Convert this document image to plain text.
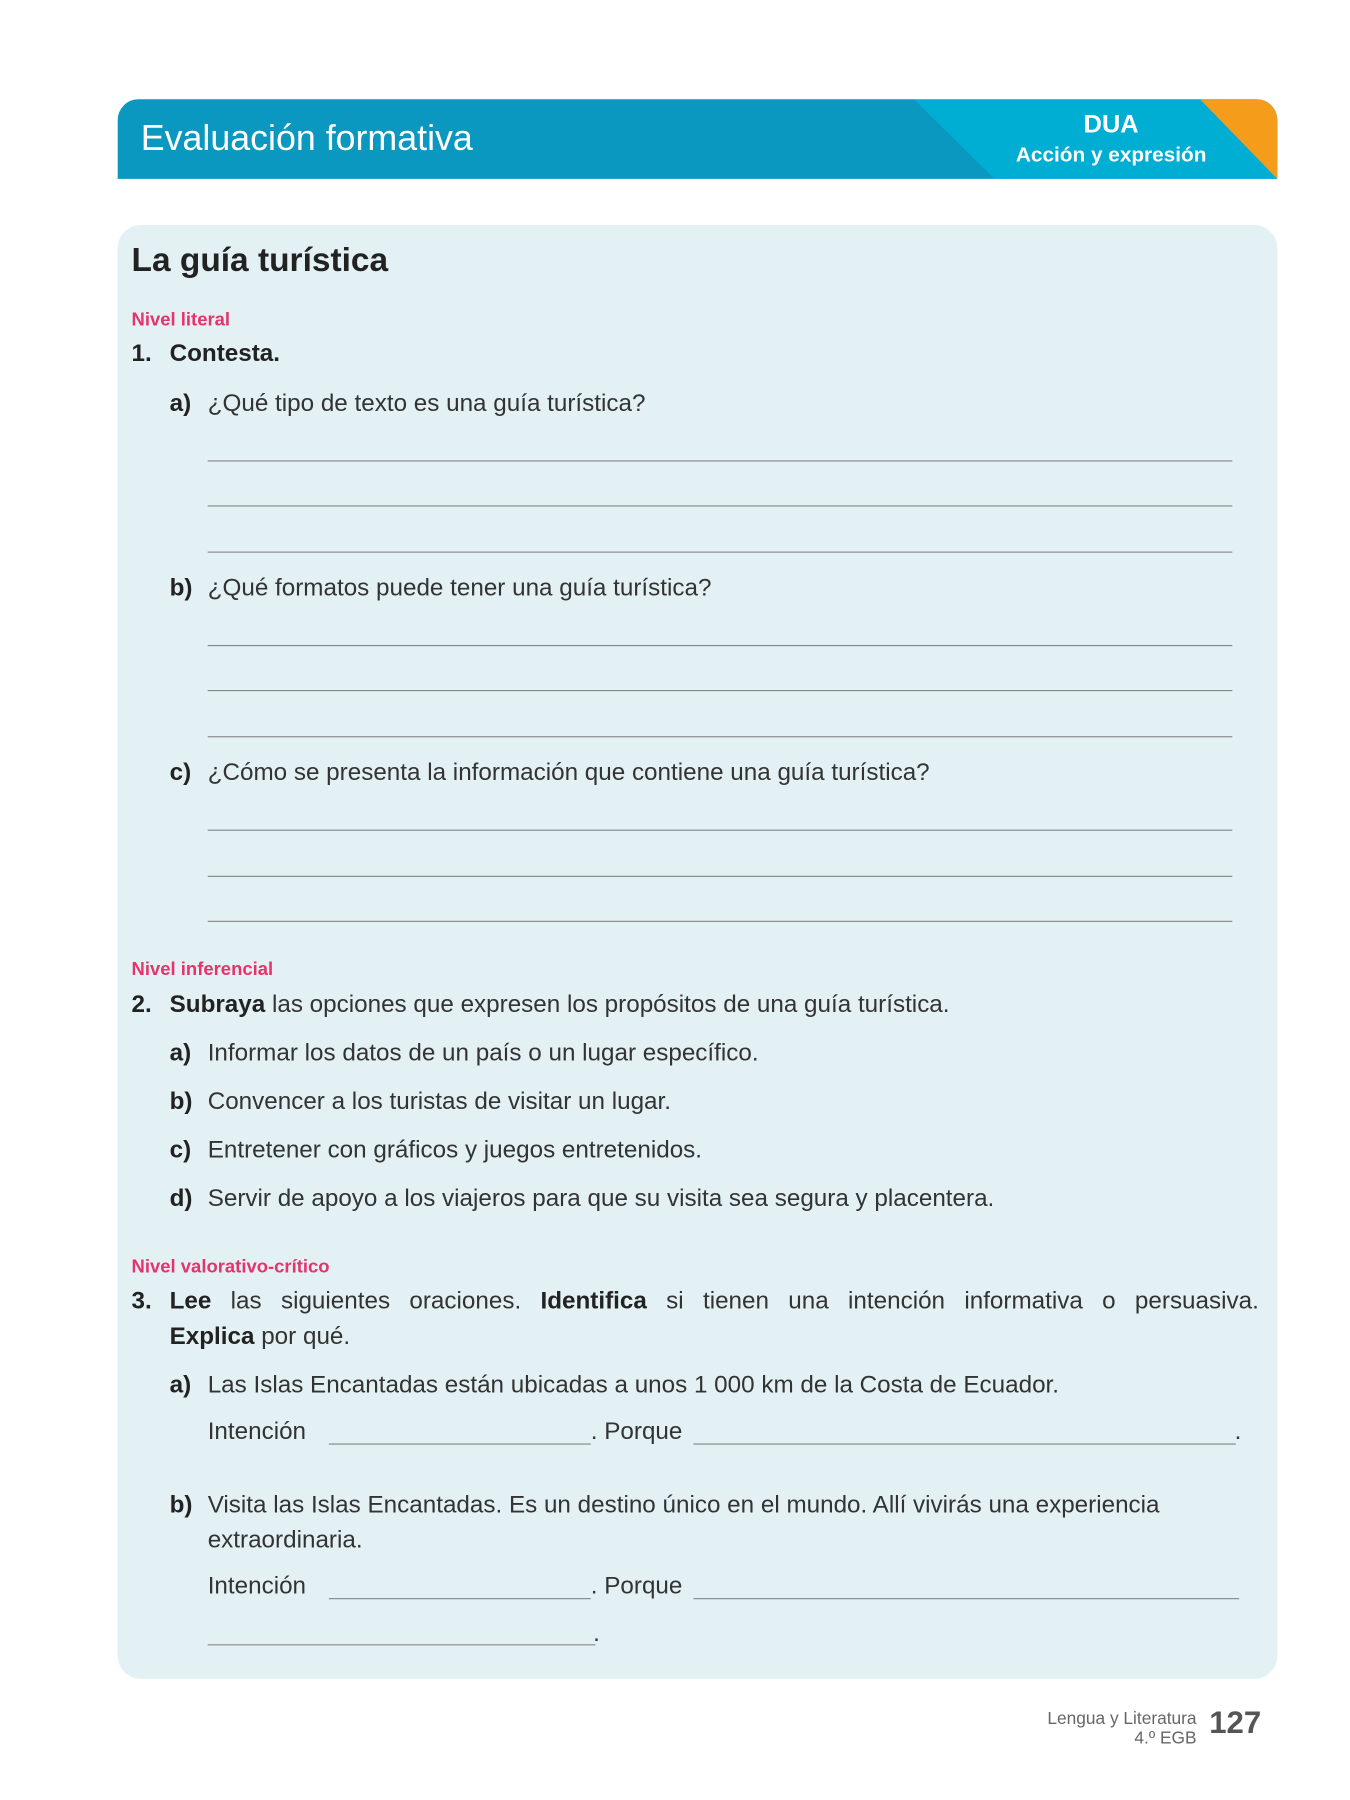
Evaluación formativa	DUA
Acción y expresión
La guía turística
Nivel literal
1. Contesta.
a) ¿Qué tipo de texto es una guía turística?
b) ¿Qué formatos puede tener una guía turística?
c) ¿Cómo se presenta la información que contiene una guía turística?
Nivel inferencial
2. Subraya las opciones que expresen los propósitos de una guía turística.
a) Informar los datos de un país o un lugar específico.
b) Convencer a los turistas de visitar un lugar.
c) Entretener con gráficos y juegos entretenidos.
d) Servir de apoyo a los viajeros para que su visita sea segura y placentera.
Nivel valorativo-crítico
3. Lee las siguientes oraciones. Identifica si tienen una intención informativa o persuasiva.
Explica por qué.
a) Las Islas Encantadas están ubicadas a unos 1 000 km de la Costa de Ecuador.
Intención	. Porque	.
b) Visita las Islas Encantadas. Es un destino único en el mundo. Allí vivirás una experiencia
extraordinaria.
Intención	. Porque
.
Lengua y Literatura
4.º EGB 127
